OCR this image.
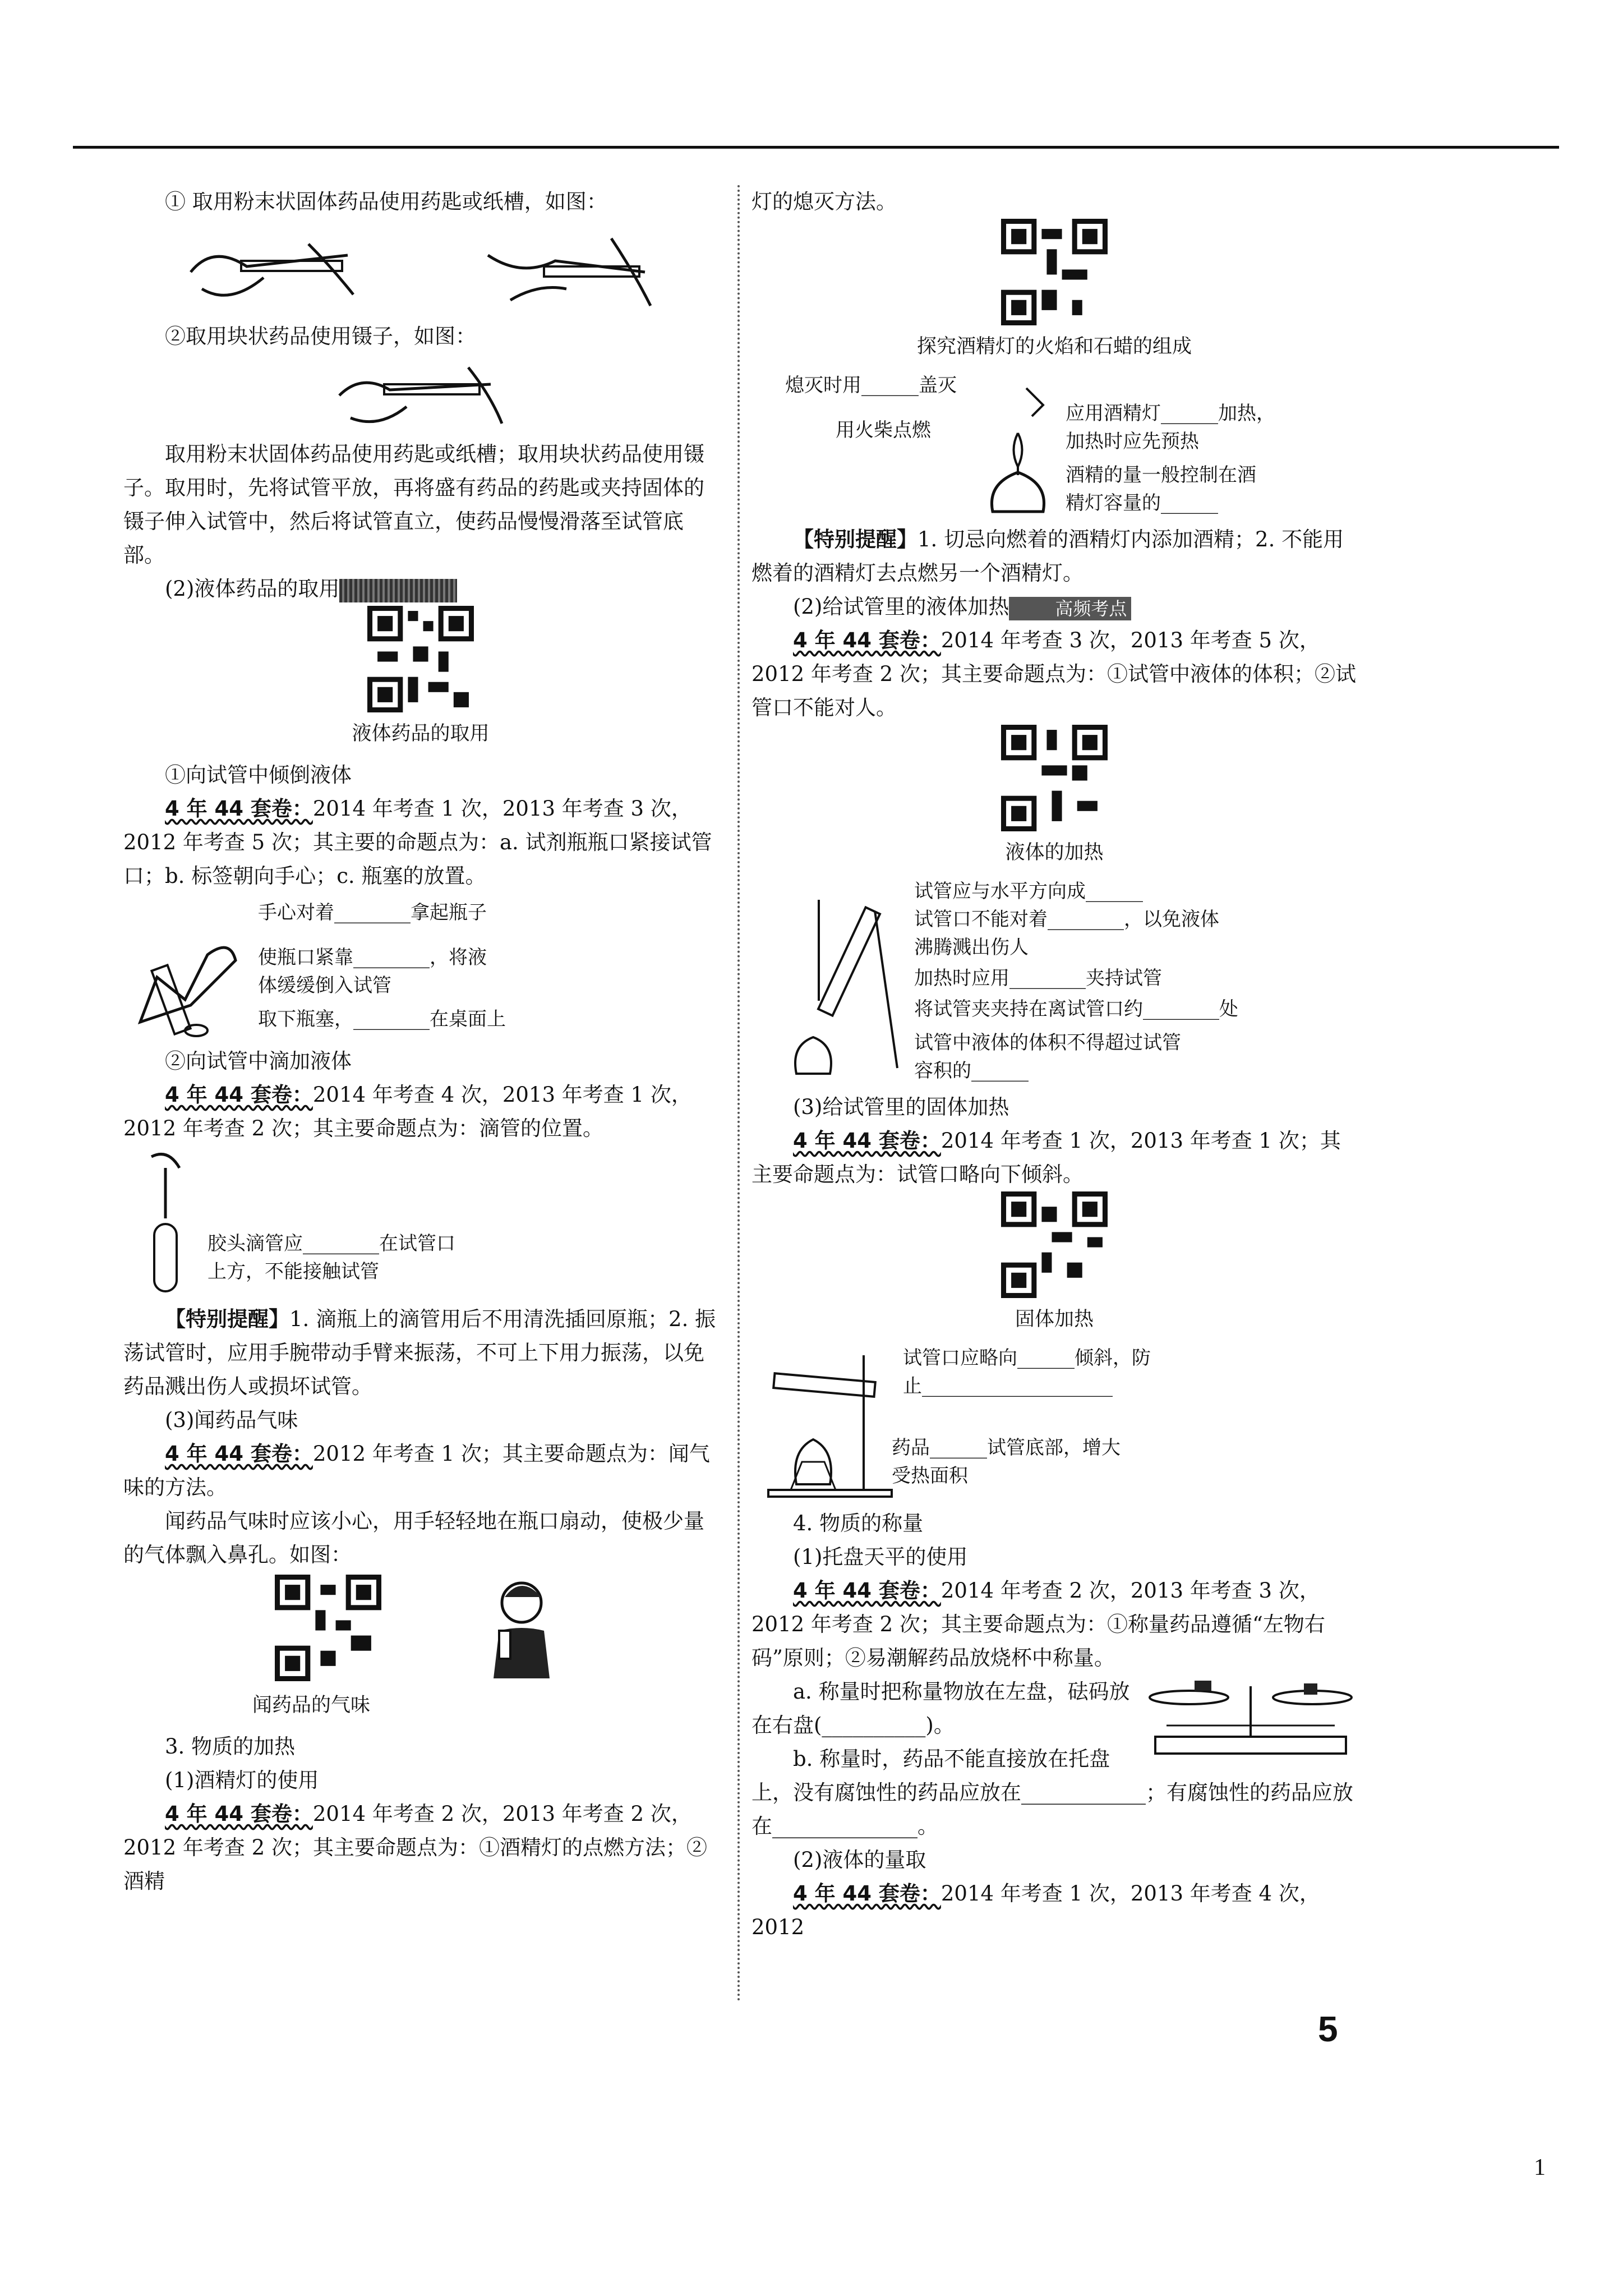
① 取用粉末状固体药品使用药匙或纸槽，如图：

②取用块状药品使用镊子，如图：

取用粉末状固体药品使用药匙或纸槽；取用块状药品使用镊子。取用时，先将试管平放，再将盛有药品的药匙或夹持固体的镊子伸入试管中，然后将试管直立，使药品慢慢滑落至试管底部。

(2)液体药品的取用

液体药品的取用

①向试管中倾倒液体

4 年 44 套卷：2014 年考查 1 次，2013 年考查 3 次，2012 年考查 5 次；其主要的命题点为：a. 试剂瓶瓶口紧接试管口；b. 标签朝向手心；c. 瓶塞的放置。

手心对着________拿起瓶子
使瓶口紧靠________，将液
体缓缓倒入试管
取下瓶塞，________在桌面上

②向试管中滴加液体

4 年 44 套卷：2014 年考查 4 次，2013 年考查 1 次，2012 年考查 2 次；其主要命题点为：滴管的位置。

胶头滴管应________在试管口
上方，不能接触试管

【特别提醒】1. 滴瓶上的滴管用后不用清洗插回原瓶；2. 振荡试管时，应用手腕带动手臂来振荡，不可上下用力振荡，以免药品溅出伤人或损坏试管。

(3)闻药品气味

4 年 44 套卷：2012 年考查 1 次；其主要命题点为：闻气味的方法。

闻药品气味时应该小心，用手轻轻地在瓶口扇动，使极少量的气体飘入鼻孔。如图：

闻药品的气味

3. 物质的加热

(1)酒精灯的使用

4 年 44 套卷：2014 年考查 2 次，2013 年考查 2 次，2012 年考查 2 次；其主要命题点为：①酒精灯的点燃方法；②酒精

灯的熄灭方法。

探究酒精灯的火焰和石蜡的组成
熄灭时用______盖灭
用火柴点燃
应用酒精灯______加热，
加热时应先预热
酒精的量一般控制在酒
精灯容量的______

【特别提醒】1. 切忌向燃着的酒精灯内添加酒精；2. 不能用燃着的酒精灯去点燃另一个酒精灯。

(2)给试管里的液体加热	高频考点

4 年 44 套卷：2014 年考查 3 次，2013 年考查 5 次，2012 年考查 2 次；其主要命题点为：①试管中液体的体积；②试管口不能对人。

液体的加热
试管应与水平方向成______
试管口不能对着________，以免液体
沸腾溅出伤人
加热时应用________夹持试管
将试管夹夹持在离试管口约________处
试管中液体的体积不得超过试管
容积的______

(3)给试管里的固体加热

4 年 44 套卷：2014 年考查 1 次，2013 年考查 1 次；其主要命题点为：试管口略向下倾斜。

固体加热
试管口应略向______倾斜，防
止____________________
药品______试管底部，增大
受热面积

4. 物质的称量

(1)托盘天平的使用

4 年 44 套卷：2014 年考查 2 次，2013 年考查 3 次，2012 年考查 2 次；其主要命题点为：①称量药品遵循“左物右码”原则；②易潮解药品放烧杯中称量。

a. 称量时把称量物放在左盘，砝码放在右盘(__________)。

b. 称量时，药品不能直接放在托盘上，没有腐蚀性的药品应放在____________；有腐蚀性的药品应放在______________。

(2)液体的量取

4 年 44 套卷：2014 年考查 1 次，2013 年考查 4 次，2012

5
1
